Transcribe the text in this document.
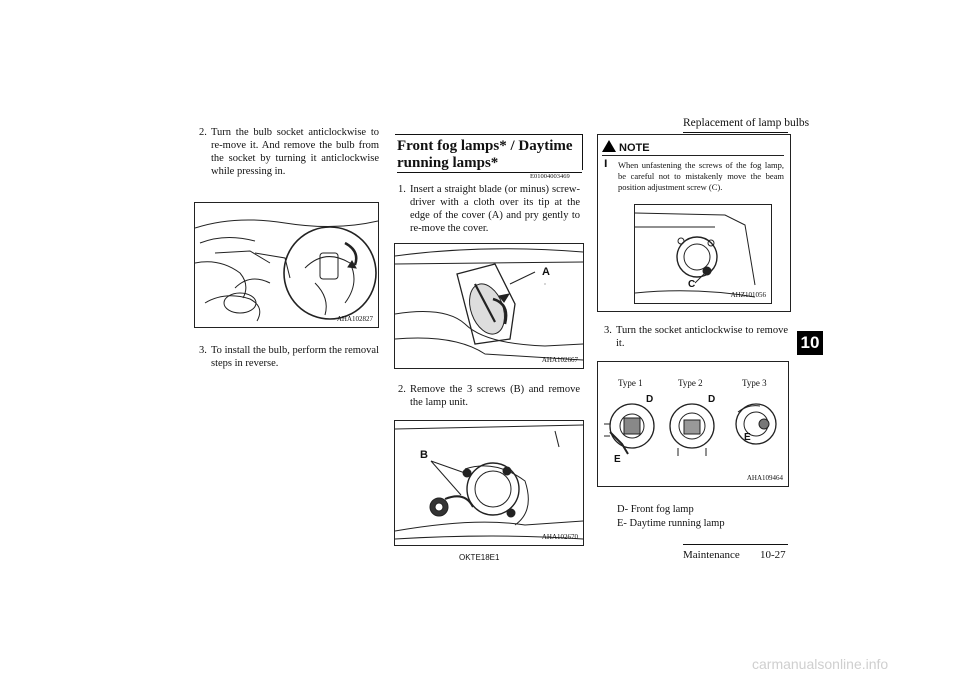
Replacement of lamp bulbs
10
2. Turn the bulb socket anticlockwise to re-move it. And remove the bulb from the socket by turning it anticlockwise while pressing in.
AHA102827
3. To install the bulb, perform the removal steps in reverse.
Front fog lamps* / Daytime running lamps*
E01004003469
1. Insert a straight blade (or minus) screw-driver with a cloth over its tip at the edge of the cover (A) and pry gently to re-move the cover.
A
AHA102667
2. Remove the 3 screws (B) and remove the lamp unit.
B
AHA102670
NOTE
l When unfastening the screws of the fog lamp, be careful not to mistakenly move the beam position adjustment screw (C).
C
AHZ101056
3. Turn the socket anticlockwise to remove it.
Type 1	Type 2	Type 3
D
E
D
E
AHA109464
D- Front fog lamp
E- Daytime running lamp
OKTE18E1	Maintenance 10-27
carmanualsonline.info
